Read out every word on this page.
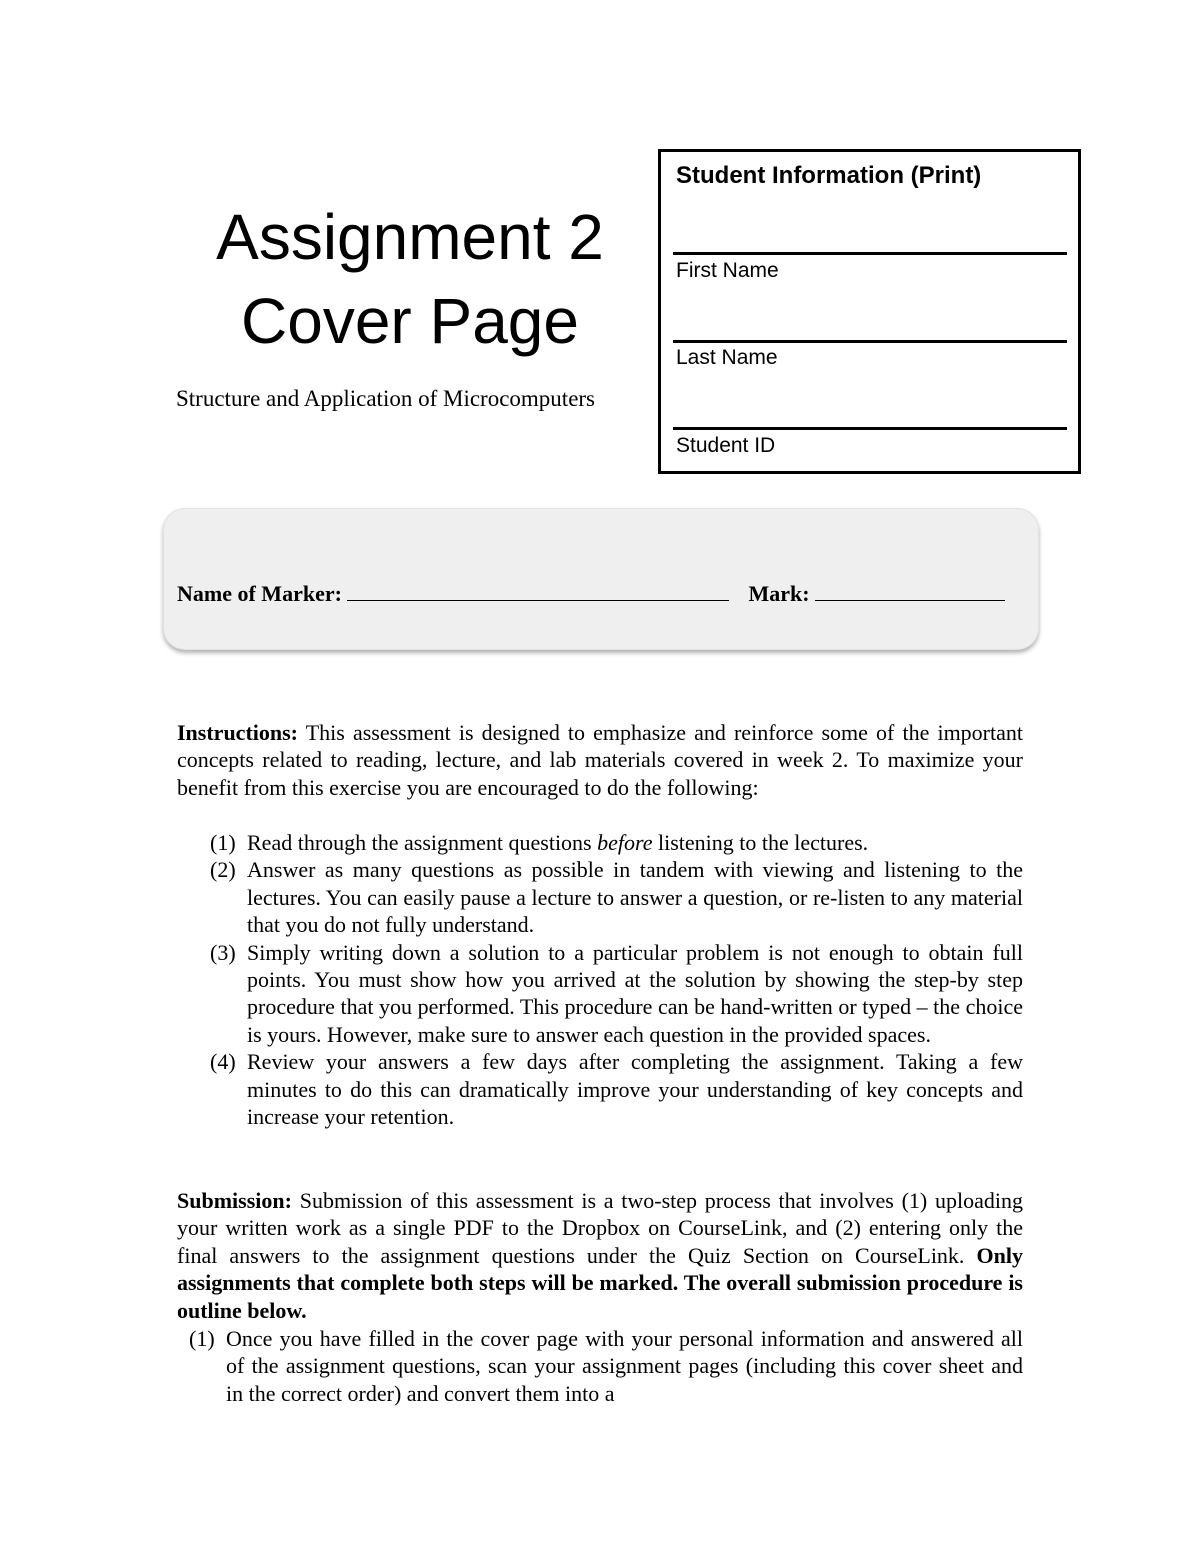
Assignment 2
Cover Page
Structure and Application of Microcomputers
Student Information (Print)
First Name
Last Name
Student ID
Name of Marker:	Mark:
Instructions: This assessment is designed to emphasize and reinforce some of the important concepts related to reading, lecture, and lab materials covered in week 2. To maximize your benefit from this exercise you are encouraged to do the following:
(1) Read through the assignment questions before listening to the lectures.
(2) Answer as many questions as possible in tandem with viewing and listening to the lectures. You can easily pause a lecture to answer a question, or re-listen to any material that you do not fully understand.
(3) Simply writing down a solution to a particular problem is not enough to obtain full points. You must show how you arrived at the solution by showing the step-by step procedure that you performed. This procedure can be hand-written or typed – the choice is yours. However, make sure to answer each question in the provided spaces.
(4) Review your answers a few days after completing the assignment. Taking a few minutes to do this can dramatically improve your understanding of key concepts and increase your retention.
Submission: Submission of this assessment is a two-step process that involves (1) uploading your written work as a single PDF to the Dropbox on CourseLink, and (2) entering only the final answers to the assignment questions under the Quiz Section on CourseLink. Only assignments that complete both steps will be marked. The overall submission procedure is outline below.
(1) Once you have filled in the cover page with your personal information and answered all of the assignment questions, scan your assignment pages (including this cover sheet and in the correct order) and convert them into a
